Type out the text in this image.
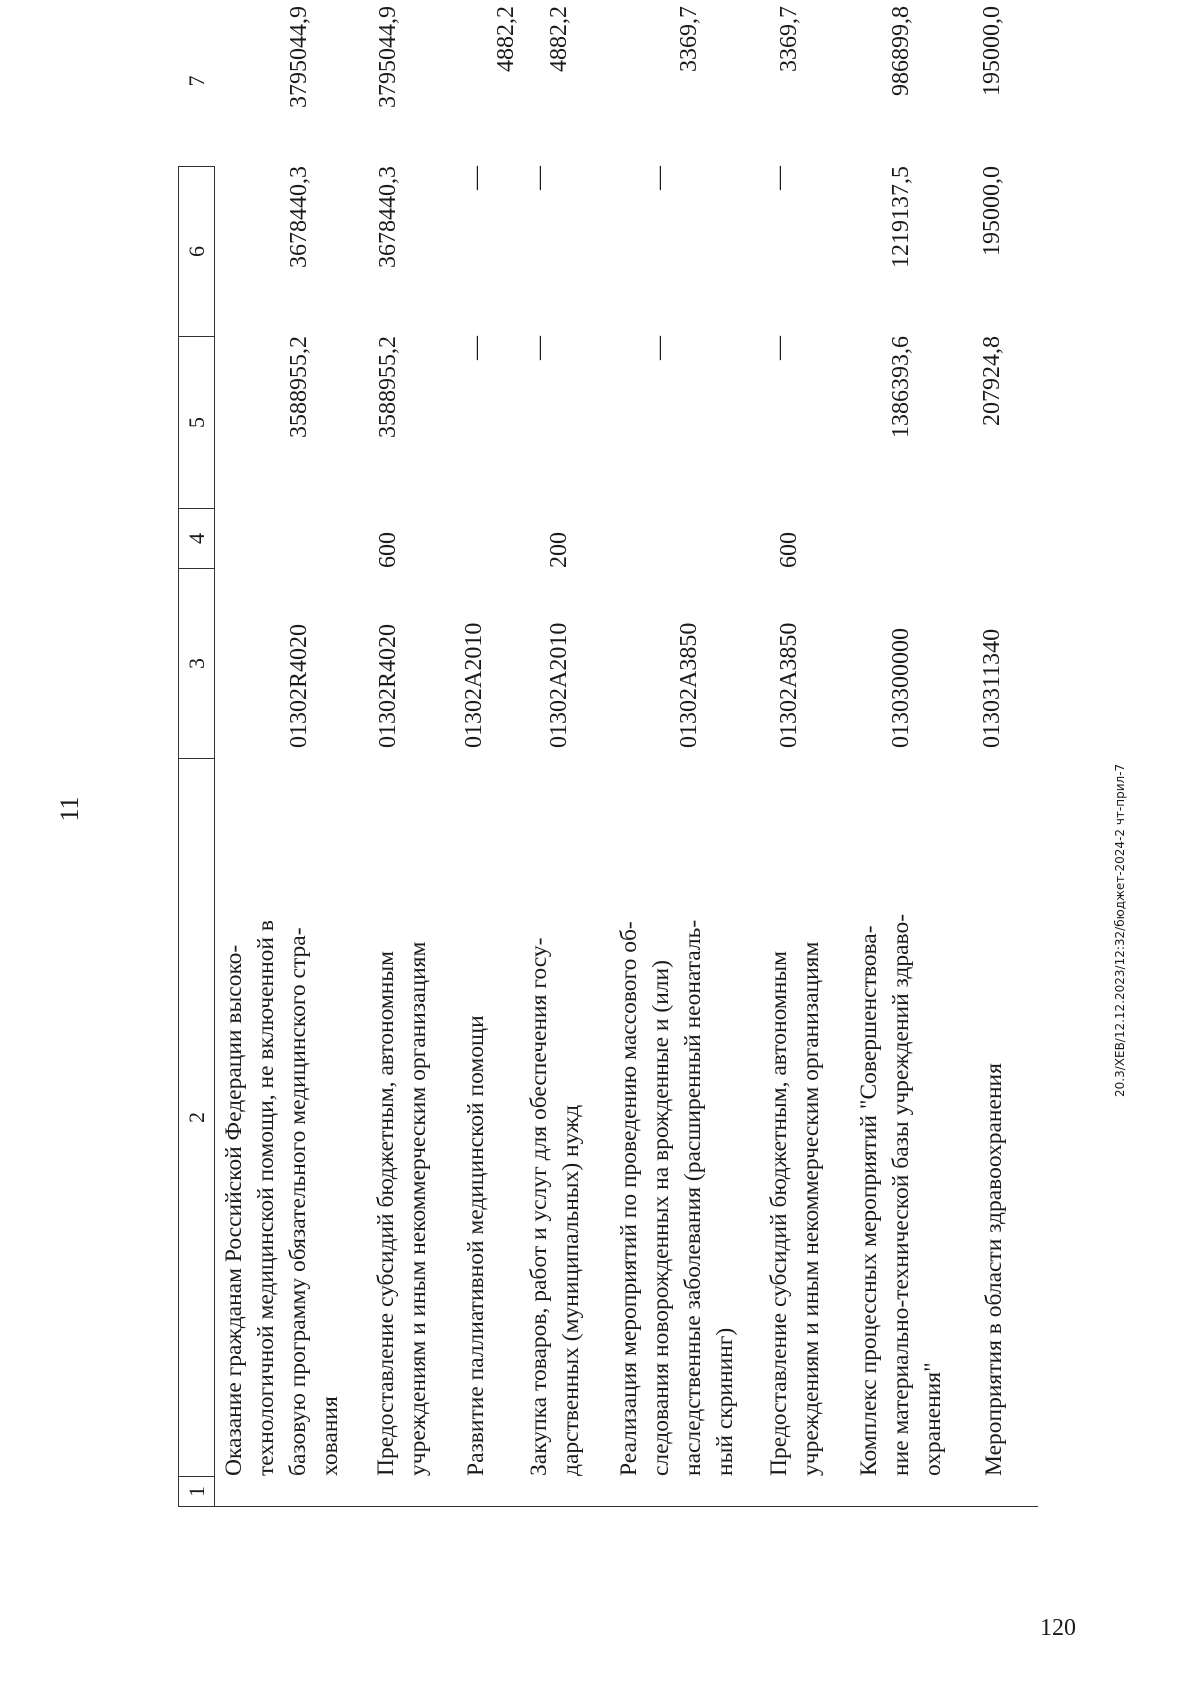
11
1
2
3
4
5
6
7
Оказание гражданам Российской Федерации высоко- технологичной медицинской помощи, не включенной в базовую программу обязательного медицинского стра- хования
01302R4020
3588955,2
3678440,3
3795044,9
Предоставление субсидий бюджетным, автономным учреждениям и иным некоммерческим организациям
01302R4020
600
3588955,2
3678440,3
3795044,9
Развитие паллиативной медицинской помощи
01302A2010
—
—
4882,2
Закупка товаров, работ и услуг для обеспечения госу- дарственных (муниципальных) нужд
01302A2010
200
—
—
4882,2
Реализация мероприятий по проведению массового об- следования новорожденных на врожденные и (или) наследственные заболевания (расширенный неонаталь- ный скрининг)
01302A3850
—
—
3369,7
Предоставление субсидий бюджетным, автономным учреждениям и иным некоммерческим организациям
01302A3850
600
—
—
3369,7
Комплекс процессных мероприятий "Совершенствова- ние материально-технической базы учреждений здраво- охранения"
0130300000
1386393,6
1219137,5
986899,8
Мероприятия в области здравоохранения
0130311340
207924,8
195000,0
195000,0
20.3/XEB/12.12.2023/12:32/бюджет-2024-2 чт-прил-7
120
